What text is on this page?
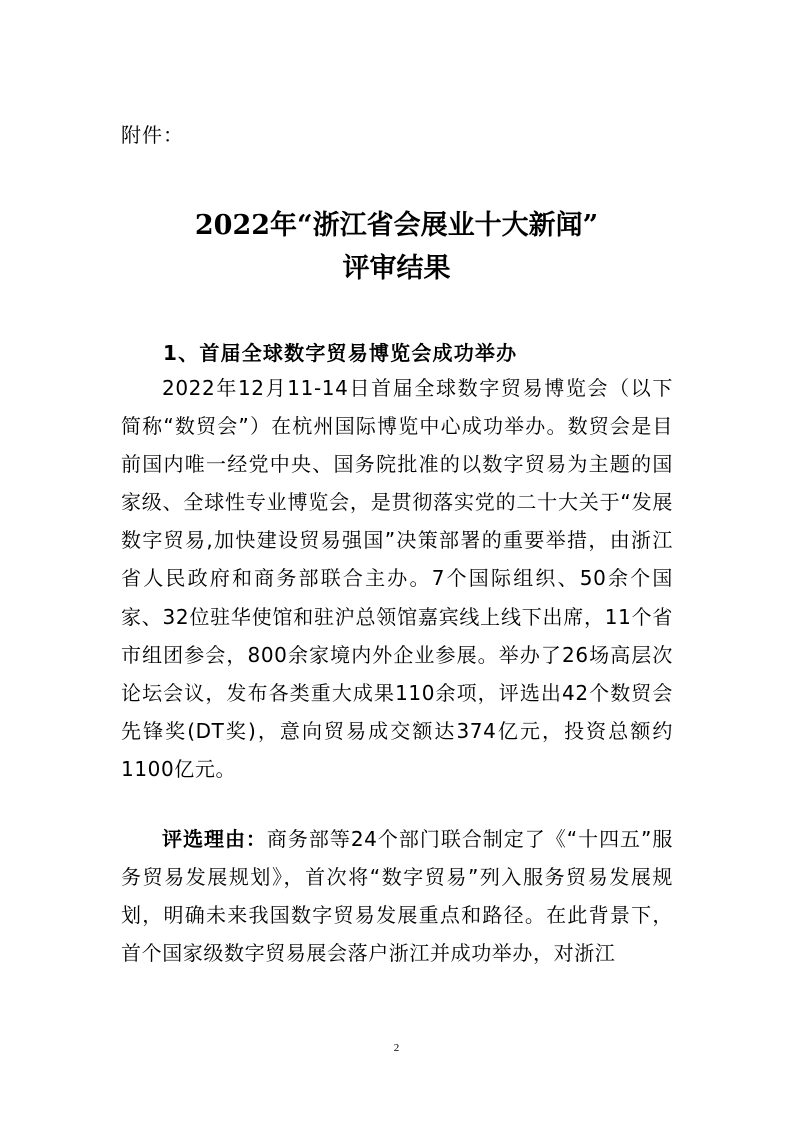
附件：
2022年“浙江省会展业十大新闻”
评审结果
1、首届全球数字贸易博览会成功举办
2022年12月11-14日首届全球数字贸易博览会（以下简称“数贸会”）在杭州国际博览中心成功举办。数贸会是目前国内唯一经党中央、国务院批准的以数字贸易为主题的国家级、全球性专业博览会，是贯彻落实党的二十大关于“发展数字贸易,加快建设贸易强国”决策部署的重要举措，由浙江省人民政府和商务部联合主办。7个国际组织、50余个国家、32位驻华使馆和驻沪总领馆嘉宾线上线下出席，11个省市组团参会，800余家境内外企业参展。举办了26场高层次论坛会议，发布各类重大成果110余项，评选出42个数贸会先锋奖(DT奖)，意向贸易成交额达374亿元，投资总额约1100亿元。
评选理由：商务部等24个部门联合制定了《“十四五”服务贸易发展规划》，首次将“数字贸易”列入服务贸易发展规划，明确未来我国数字贸易发展重点和路径。在此背景下，首个国家级数字贸易展会落户浙江并成功举办，对浙江
2
